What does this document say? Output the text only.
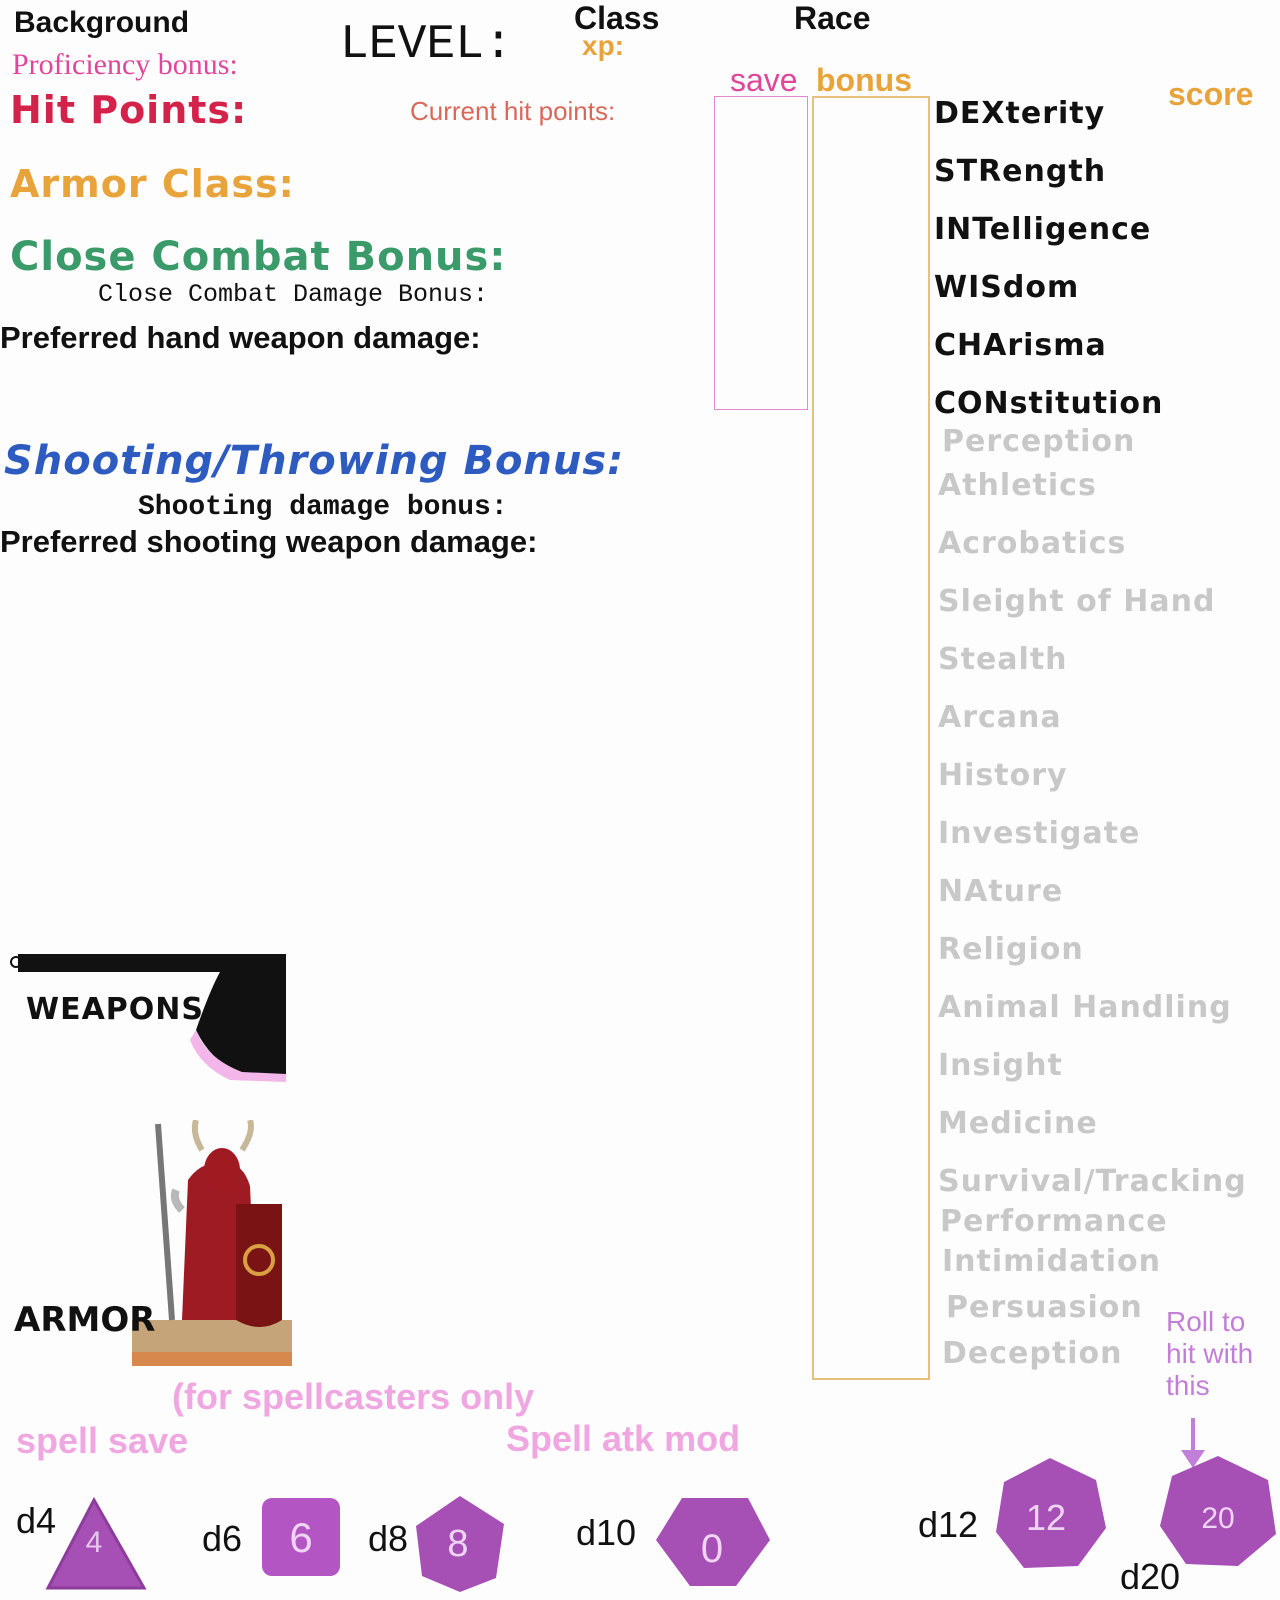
Background
Proficiency bonus: LEVEL: Class
xp:
Race
Hit Points:	Current hit points:
Armor Class:
Close Combat Bonus:
Close Combat Damage Bonus:
Preferred hand weapon damage:
Shooting/Throwing Bonus:
Shooting damage bonus:
Preferred shooting weapon damage:
save bonus	score
DEXterity
STRength
INTelligence
WISdom
CHArisma
CONstitution
Perception
Athletics
Acrobatics
Sleight of Hand
Stealth
Arcana
History
Investigate
NAture
Religion
Animal Handling
Insight
Medicine
Survival/Tracking
Performance
Intimidation
Persuasion
Deception
Roll to hit with this
WEAPONS
ARMOR
(for spellcasters only
spell save	Spell atk mod
d4
4	d6 6 d8 8	d10 0
d12 12	20
d20
